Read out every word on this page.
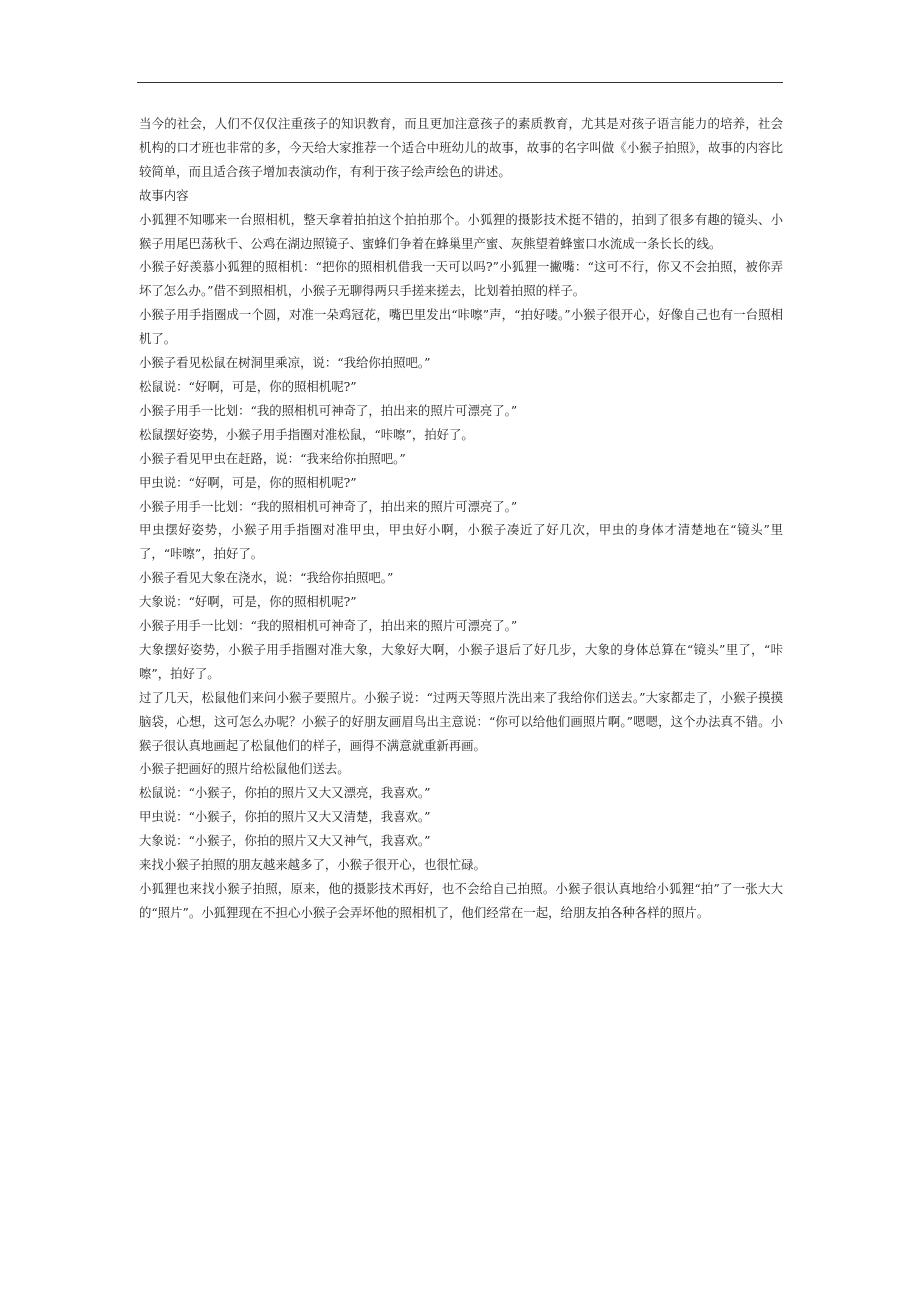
当今的社会，人们不仅仅注重孩子的知识教育，而且更加注意孩子的素质教育，尤其是对孩子语言能力的培养，社会机构的口才班也非常的多，今天给大家推荐一个适合中班幼儿的故事，故事的名字叫做《小猴子拍照》，故事的内容比较简单，而且适合孩子增加表演动作，有利于孩子绘声绘色的讲述。

故事内容

小狐狸不知哪来一台照相机，整天拿着拍拍这个拍拍那个。小狐狸的摄影技术挺不错的，拍到了很多有趣的镜头、小猴子用尾巴荡秋千、公鸡在湖边照镜子、蜜蜂们争着在蜂巢里产蜜、灰熊望着蜂蜜口水流成一条长长的线。

小猴子好羡慕小狐狸的照相机：“把你的照相机借我一天可以吗?”小狐狸一撇嘴：“这可不行，你又不会拍照，被你弄坏了怎么办。”借不到照相机，小猴子无聊得两只手搓来搓去，比划着拍照的样子。

小猴子用手指圈成一个圆，对准一朵鸡冠花，嘴巴里发出“咔嚓”声，“拍好喽。”小猴子很开心，好像自己也有一台照相机了。

小猴子看见松鼠在树洞里乘凉，说：“我给你拍照吧。”

松鼠说：“好啊，可是，你的照相机呢?”

小猴子用手一比划：“我的照相机可神奇了，拍出来的照片可漂亮了。”

松鼠摆好姿势，小猴子用手指圈对准松鼠，“咔嚓”，拍好了。

小猴子看见甲虫在赶路，说：“我来给你拍照吧。”

甲虫说：“好啊，可是，你的照相机呢?”

小猴子用手一比划：“我的照相机可神奇了，拍出来的照片可漂亮了。”

甲虫摆好姿势，小猴子用手指圈对准甲虫，甲虫好小啊，小猴子凑近了好几次，甲虫的身体才清楚地在“镜头”里了，“咔嚓”，拍好了。

小猴子看见大象在浇水，说：“我给你拍照吧。”

大象说：“好啊，可是，你的照相机呢?”

小猴子用手一比划：“我的照相机可神奇了，拍出来的照片可漂亮了。”

大象摆好姿势，小猴子用手指圈对准大象，大象好大啊，小猴子退后了好几步，大象的身体总算在“镜头”里了，“咔嚓”，拍好了。

过了几天，松鼠他们来问小猴子要照片。小猴子说：“过两天等照片洗出来了我给你们送去。”大家都走了，小猴子摸摸脑袋，心想，这可怎么办呢？小猴子的好朋友画眉鸟出主意说：“你可以给他们画照片啊。”嗯嗯，这个办法真不错。小猴子很认真地画起了松鼠他们的样子，画得不满意就重新再画。

小猴子把画好的照片给松鼠他们送去。

松鼠说：“小猴子，你拍的照片又大又漂亮，我喜欢。”

甲虫说：“小猴子，你拍的照片又大又清楚，我喜欢。”

大象说：“小猴子，你拍的照片又大又神气，我喜欢。”

来找小猴子拍照的朋友越来越多了，小猴子很开心，也很忙碌。

小狐狸也来找小猴子拍照，原来，他的摄影技术再好，也不会给自己拍照。小猴子很认真地给小狐狸“拍”了一张大大的“照片”。小狐狸现在不担心小猴子会弄坏他的照相机了，他们经常在一起，给朋友拍各种各样的照片。
